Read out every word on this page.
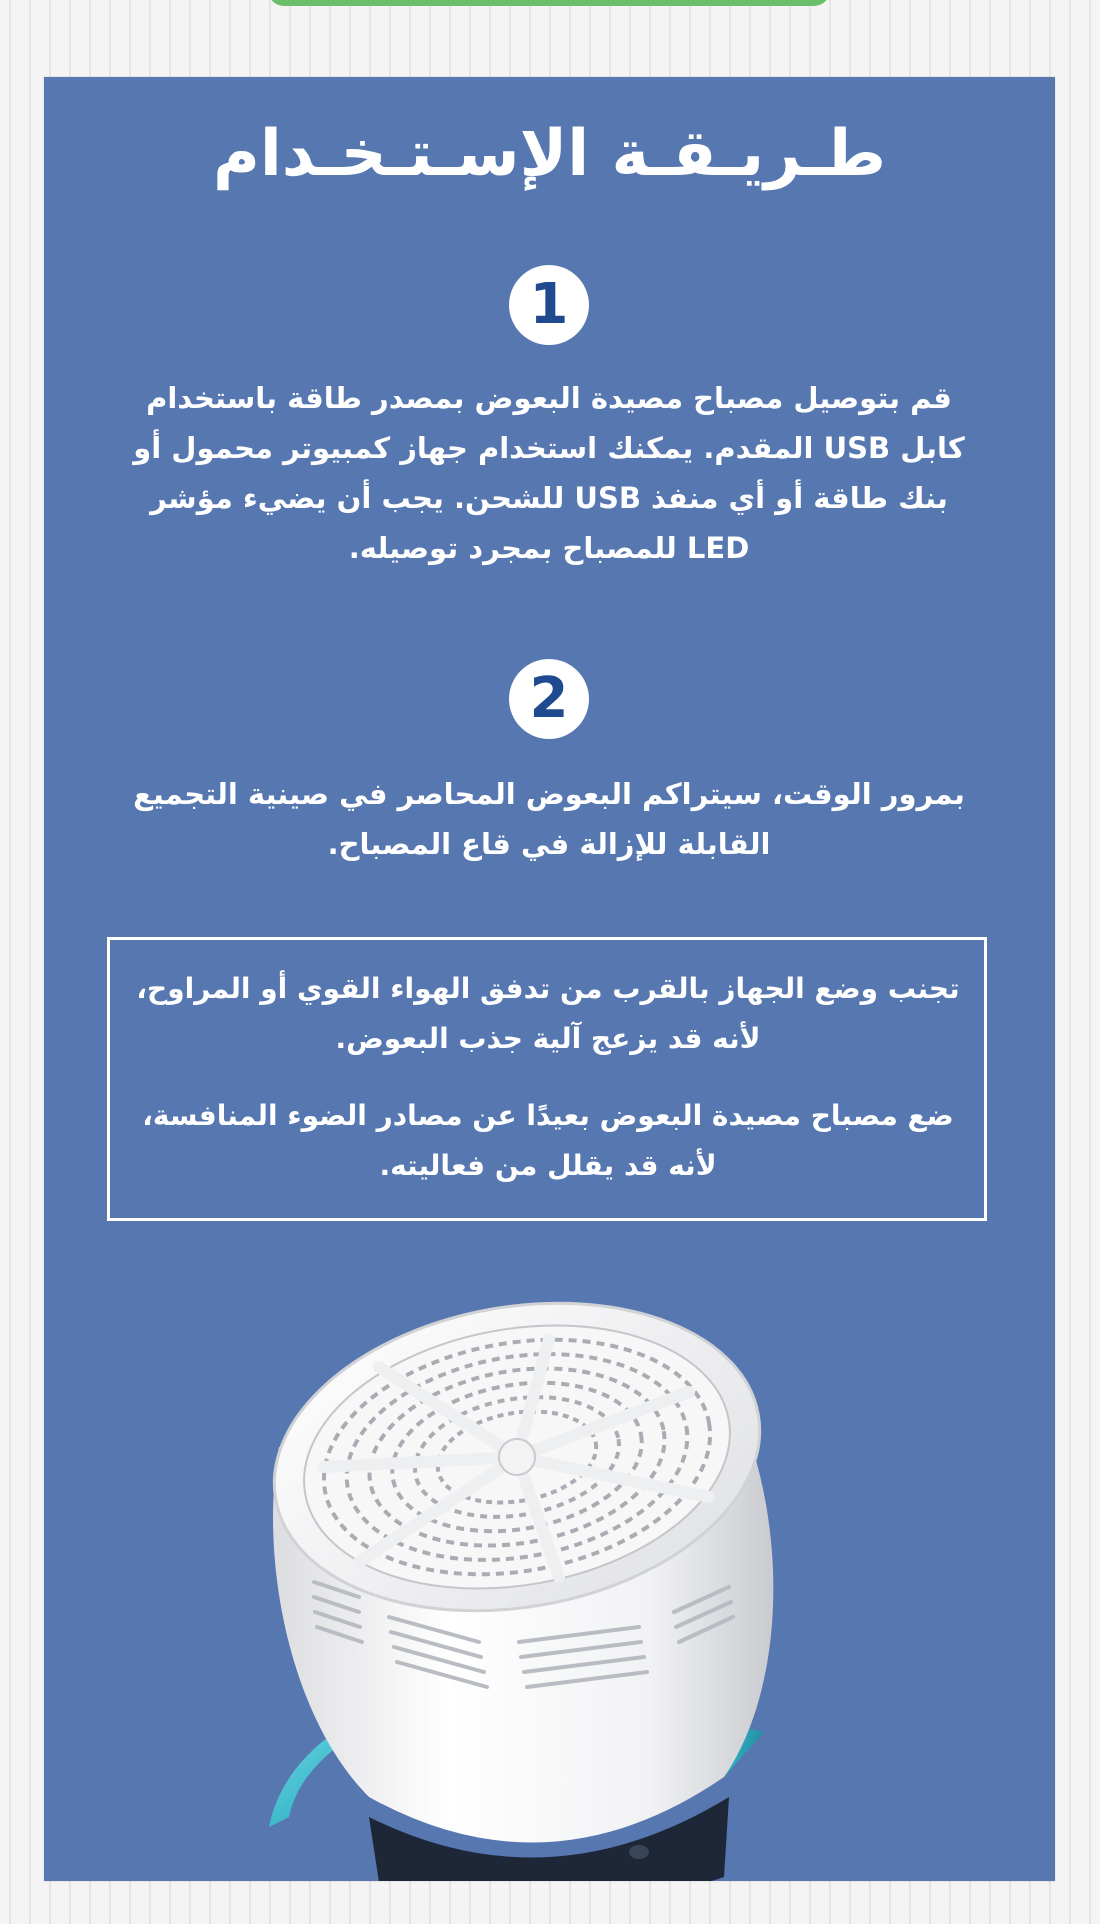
طـريـقـة الإسـتـخـدام
1
قم بتوصيل مصباح مصيدة البعوض بمصدر طاقة باستخدام كابل USB المقدم. يمكنك استخدام جهاز كمبيوتر محمول أو بنك طاقة أو أي منفذ USB للشحن. يجب أن يضيء مؤشر LED للمصباح بمجرد توصيله.
2
بمرور الوقت، سيتراكم البعوض المحاصر في صينية التجميع القابلة للإزالة في قاع المصباح.
تجنب وضع الجهاز بالقرب من تدفق الهواء القوي أو المراوح، لأنه قد يزعج آلية جذب البعوض.
ضع مصباح مصيدة البعوض بعيدًا عن مصادر الضوء المنافسة، لأنه قد يقلل من فعاليته.
